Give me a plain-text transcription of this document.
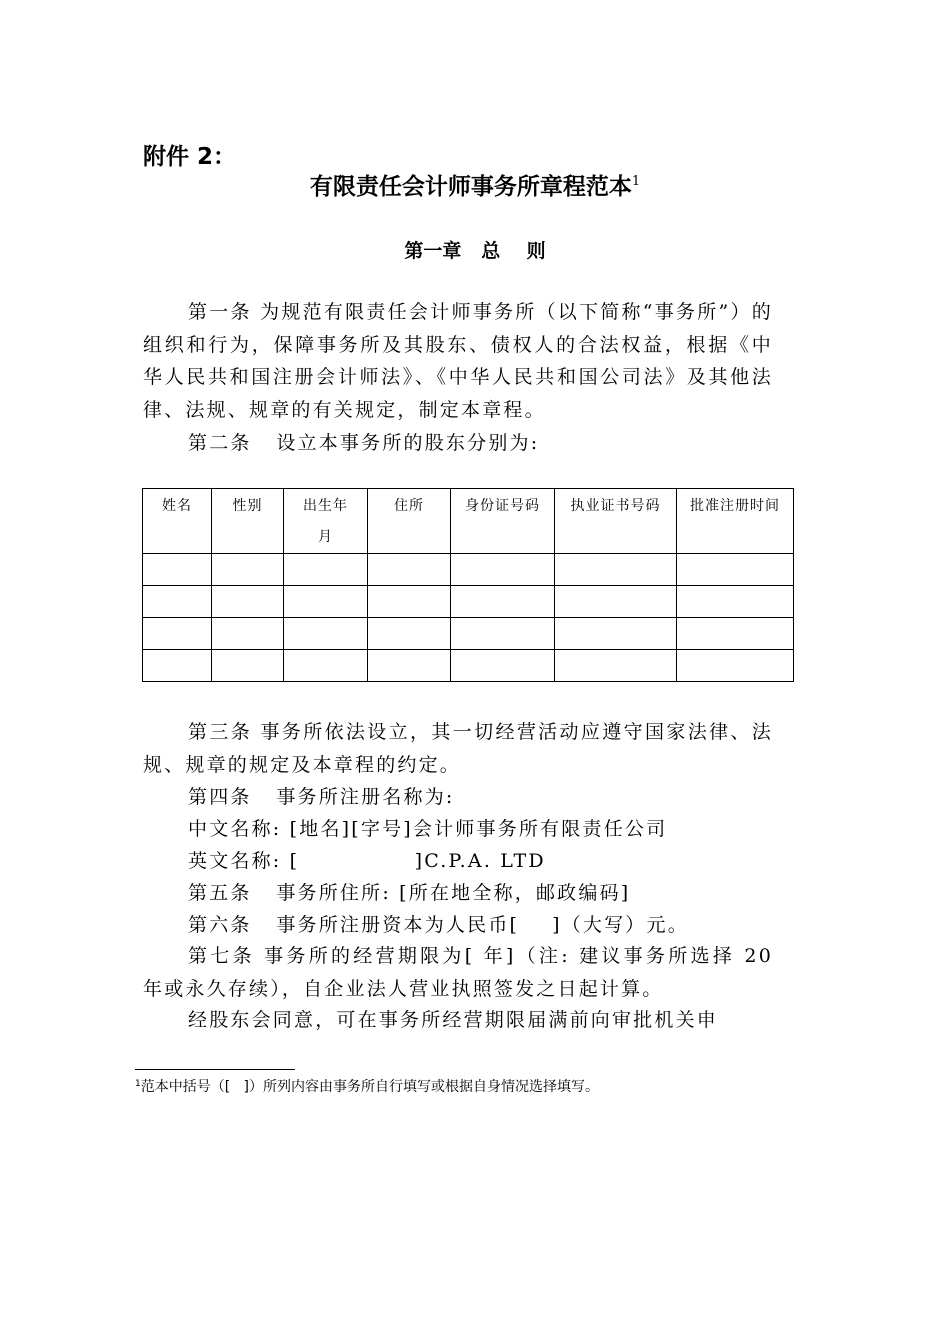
附件 2：
有限责任会计师事务所章程范本$^1$
第一章   总    则
第一条 为规范有限责任会计师事务所（以下简称“事务所”）的组织和行为，保障事务所及其股东、债权人的合法权益，根据《中华人民共和国注册会计师法》、《中华人民共和国公司法》及其他法律、法规、规章的有关规定，制定本章程。
第二条   设立本事务所的股东分别为:
姓名	性别	出生年月	住所	身份证号码	执业证书号码	批准注册时间

第三条 事务所依法设立，其一切经营活动应遵守国家法律、法规、规章的规定及本章程的约定。
第四条   事务所注册名称为:
中文名称: [地名][字号]会计师事务所有限责任公司
英文名称: [              ]C.P.A. LTD
第五条   事务所住所: [所在地全称，邮政编码]
第六条   事务所注册资本为人民币[    ]（大写）元。
第七条 事务所的经营期限为[ 年]（注: 建议事务所选择 20 年或永久存续），自企业法人营业执照签发之日起计算。
经股东会同意，可在事务所经营期限届满前向审批机关申
$^1$范本中括号（[   ]）所列内容由事务所自行填写或根据自身情况选择填写。
